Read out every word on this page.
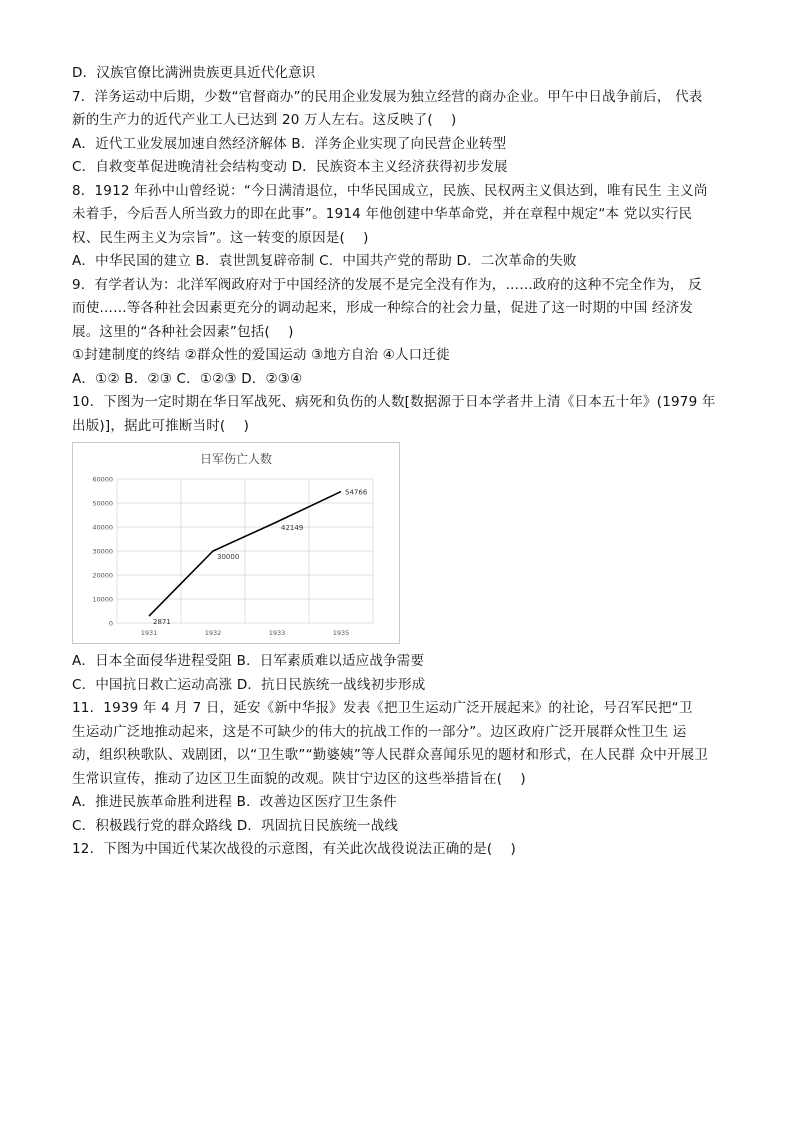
D．汉族官僚比满洲贵族更具近代化意识
7．洋务运动中后期，少数“官督商办”的民用企业发展为独立经营的商办企业。甲午中日战争前后， 代表
新的生产力的近代产业工人已达到 20 万人左右。这反映了(　 )
A．近代工业发展加速自然经济解体 B．洋务企业实现了向民营企业转型
C．自救变革促进晚清社会结构变动 D．民族资本主义经济获得初步发展
8．1912 年孙中山曾经说：“今日满清退位，中华民国成立，民族、民权两主义俱达到，唯有民生 主义尚
未着手，今后吾人所当致力的即在此事”。1914 年他创建中华革命党，并在章程中规定“本 党以实行民
权、民生两主义为宗旨”。这一转变的原因是(　 )
A．中华民国的建立 B．袁世凯复辟帝制 C．中国共产党的帮助 D．二次革命的失败
9．有学者认为：北洋军阀政府对于中国经济的发展不是完全没有作为，……政府的这种不完全作为， 反
而使……等各种社会因素更充分的调动起来，形成一种综合的社会力量，促进了这一时期的中国 经济发
展。这里的“各种社会因素”包括(　 )
①封建制度的终结 ②群众性的爱国运动 ③地方自治 ④人口迁徙
A．①② B．②③ C．①②③ D．②③④
10．下图为一定时期在华日军战死、病死和负伤的人数[数据源于日本学者井上清《日本五十年》(1979 年
出版)]，据此可推断当时(　 )
日军伤亡人数
0
10000
20000
30000
40000
50000
60000
1931	1932	1933	1935
2871
30000
42149
54766
A．日本全面侵华进程受阻 B．日军素质难以适应战争需要
C．中国抗日救亡运动高涨 D．抗日民族统一战线初步形成
11．1939 年 4 月 7 日，延安《新中华报》发表《把卫生运动广泛开展起来》的社论，号召军民把“卫
生运动广泛地推动起来，这是不可缺少的伟大的抗战工作的一部分”。边区政府广泛开展群众性卫生 运
动，组织秧歌队、戏剧团，以“卫生歌”“勤婆姨”等人民群众喜闻乐见的题材和形式，在人民群 众中开展卫
生常识宣传，推动了边区卫生面貌的改观。陕甘宁边区的这些举措旨在(　 )
A．推进民族革命胜利进程 B．改善边区医疗卫生条件
C．积极践行党的群众路线 D．巩固抗日民族统一战线
12．下图为中国近代某次战役的示意图，有关此次战役说法正确的是(　 )
